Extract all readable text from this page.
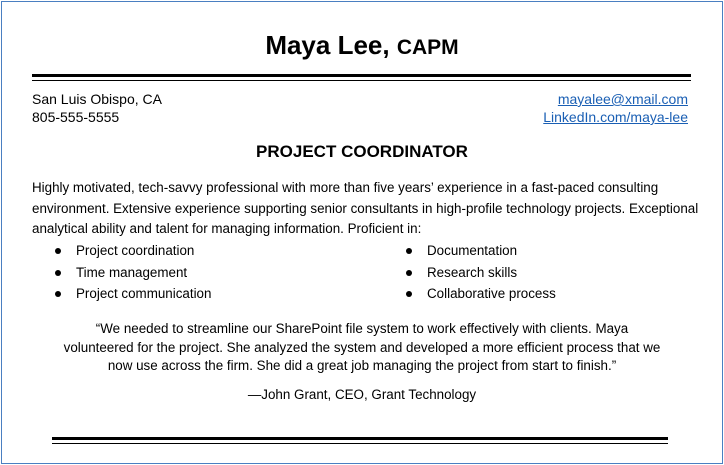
Maya Lee, CAPM
San Luis Obispo, CA
805-555-5555
mayalee@xmail.com
LinkedIn.com/maya-lee
PROJECT COORDINATOR
Highly motivated, tech-savvy professional with more than five years’ experience in a fast-paced consulting environment. Extensive experience supporting senior consultants in high-profile technology projects. Exceptional analytical ability and talent for managing information. Proficient in:
Project coordination
Time management
Project communication
Documentation
Research skills
Collaborative process
“We needed to streamline our SharePoint file system to work effectively with clients. Maya volunteered for the project. She analyzed the system and developed a more efficient process that we now use across the firm. She did a great job managing the project from start to finish.”
—John Grant, CEO, Grant Technology
